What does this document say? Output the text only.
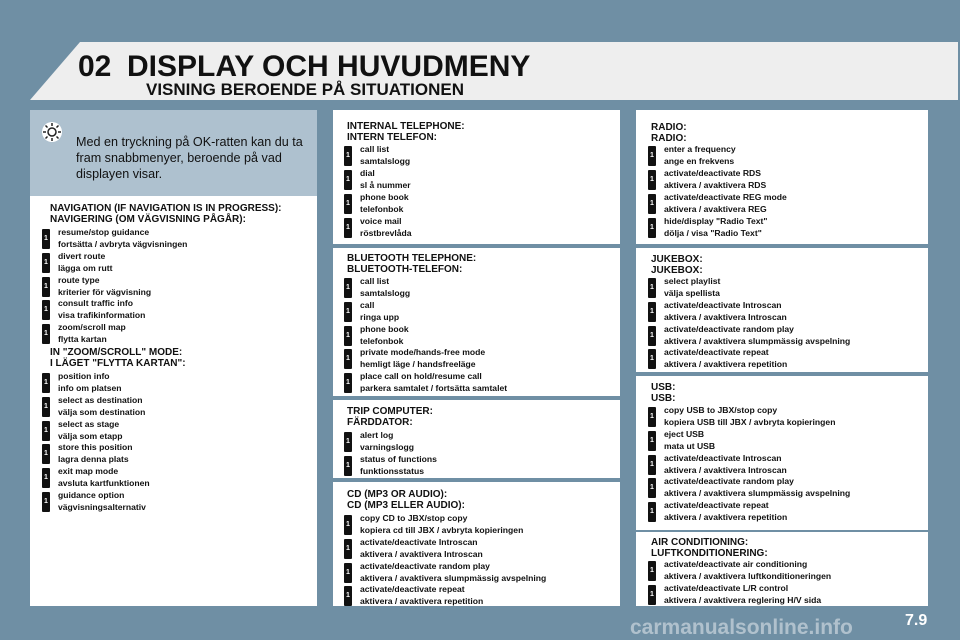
02 DISPLAY OCH HUVUDMENY
VISNING BEROENDE PÅ SITUATIONEN
Med en tryckning på OK-ratten kan du ta fram snabbmenyer, beroende på vad displayen visar.
NAVIGATION (IF NAVIGATION IS IN PROGRESS):
NAVIGERING (OM VÄGVISNING PÅGÅR):
IN "ZOOM/SCROLL" MODE:
I LÄGET "FLYTTA KARTAN":
INTERNAL TELEPHONE:
INTERN TELEFON:
BLUETOOTH TELEPHONE:
BLUETOOTH-TELEFON:
TRIP COMPUTER:
FÄRDDATOR:
CD (MP3 OR AUDIO):
CD (MP3 ELLER AUDIO):
RADIO:
RADIO:
JUKEBOX:
JUKEBOX:
USB:
USB:
AIR CONDITIONING:
LUFTKONDITIONERING:
carmanualsonline.info	7.9
resume/stop guidance
1
fortsätta / avbryta vägvisningen
divert route
1
lägga om rutt
route type
1
kriterier för vägvisning
consult traffic info
1
visa trafikinformation
zoom/scroll map
1
flytta kartan
position info
1
info om platsen
select as destination
1
välja som destination
select as stage
1
välja som etapp
store this position
1
lagra denna plats
exit map mode
1
avsluta kartfunktionen
guidance option
1
vägvisningsalternativ
call list
1
samtalslogg
dial
1
sl å nummer
phone book
1
telefonbok
voice mail
1
röstbrevlåda
call list
1
samtalslogg
call
1
ringa upp
phone book
1
telefonbok
private mode/hands-free mode
1
hemligt läge / handsfreeläge
place call on hold/resume call
1
parkera samtalet / fortsätta samtalet
alert log
1
varningslogg
status of functions
1
funktionsstatus
copy CD to JBX/stop copy
1
kopiera cd till JBX / avbryta kopieringen
activate/deactivate Introscan
1
aktivera / avaktivera Introscan
activate/deactivate random play
1
aktivera / avaktivera slumpmässig avspelning
activate/deactivate repeat
1
aktivera / avaktivera repetition
enter a frequency
1
ange en frekvens
activate/deactivate RDS
1
aktivera / avaktivera RDS
activate/deactivate REG mode
1
aktivera / avaktivera REG
hide/display "Radio Text"
1
dölja / visa "Radio Text"
select playlist
1
välja spellista
activate/deactivate Introscan
1
aktivera / avaktivera Introscan
activate/deactivate random play
1
aktivera / avaktivera slumpmässig avspelning
activate/deactivate repeat
1
aktivera / avaktivera repetition
copy USB to JBX/stop copy
1
kopiera USB till JBX / avbryta kopieringen
eject USB
1
mata ut USB
activate/deactivate Introscan
1
aktivera / avaktivera Introscan
activate/deactivate random play
1
aktivera / avaktivera slumpmässig avspelning
activate/deactivate repeat
1
aktivera / avaktivera repetition
activate/deactivate air conditioning
1
aktivera / avaktivera luftkonditioneringen
activate/deactivate L/R control
1
aktivera / avaktivera reglering H/V sida
